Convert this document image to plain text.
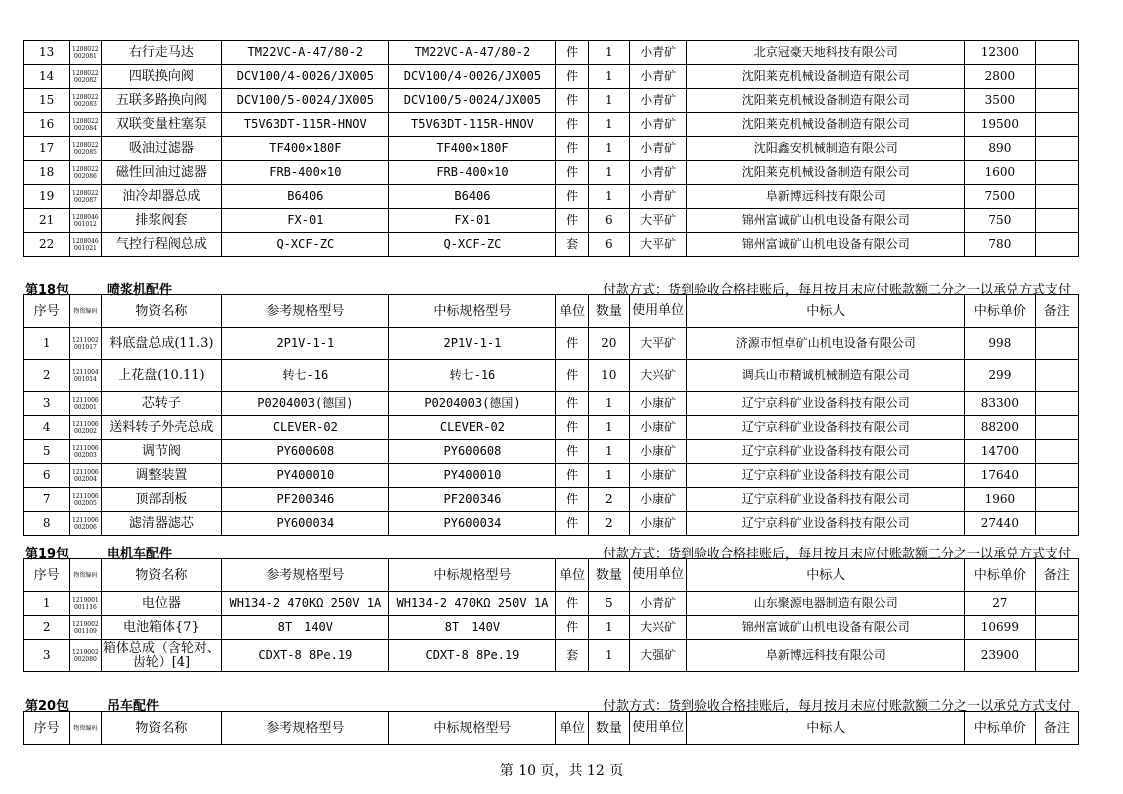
13	1208022002081	右行走马达	TM22VC-A-47/80-2	TM22VC-A-47/80-2	件	1	小青矿	北京冠豪天地科技有限公司	12300	
14	1208022002082	四联换向阀	DCV100/4-0026/JX005	DCV100/4-0026/JX005	件	1	小青矿	沈阳莱克机械设备制造有限公司	2800	
15	1208022002083	五联多路换向阀	DCV100/5-0024/JX005	DCV100/5-0024/JX005	件	1	小青矿	沈阳莱克机械设备制造有限公司	3500	
16	1208022002084	双联变量柱塞泵	T5V63DT-115R-HNOV	T5V63DT-115R-HNOV	件	1	小青矿	沈阳莱克机械设备制造有限公司	19500	
17	1208022002085	吸油过滤器	TF400×180F	TF400×180F	件	1	小青矿	沈阳鑫安机械制造有限公司	890	
18	1208022002086	磁性回油过滤器	FRB-400×10	FRB-400×10	件	1	小青矿	沈阳莱克机械设备制造有限公司	1600	
19	1208022002087	油冷却器总成	B6406	B6406	件	1	小青矿	阜新博远科技有限公司	7500	
21	1208046001012	排浆阀套	FX-01	FX-01	件	6	大平矿	锦州富诚矿山机电设备有限公司	750	
22	1208046001021	气控行程阀总成	Q-XCF-ZC	Q-XCF-ZC	套	6	大平矿	锦州富诚矿山机电设备有限公司	780	
第18包	喷浆机配件	付款方式：货到验收合格挂账后，每月按月末应付账款额二分之一以承兑方式支付
序号	物资编码	物资名称	参考规格型号	中标规格型号	单位	数量	使用单位	中标人	中标单价	备注
1	1211002001017	料底盘总成(11.3)	2P1V-1-1	2P1V-1-1	件	20	大平矿	济源市恒卓矿山机电设备有限公司	998	
2	1211004001014	上花盘(10.11)	转七-16	转七-16	件	10	大兴矿	调兵山市精诚机械制造有限公司	299	
3	1211006002001	芯转子	P0204003(德国)	P0204003(德国)	件	1	小康矿	辽宁京科矿业设备科技有限公司	83300	
4	1211006002002	送料转子外壳总成	CLEVER-02	CLEVER-02	件	1	小康矿	辽宁京科矿业设备科技有限公司	88200	
5	1211006002003	调节阀	PY600608	PY600608	件	1	小康矿	辽宁京科矿业设备科技有限公司	14700	
6	1211006002004	调整装置	PY400010	PY400010	件	1	小康矿	辽宁京科矿业设备科技有限公司	17640	
7	1211006002005	顶部刮板	PF200346	PF200346	件	2	小康矿	辽宁京科矿业设备科技有限公司	1960	
8	1211006002006	滤清器滤芯	PY600034	PY600034	件	2	小康矿	辽宁京科矿业设备科技有限公司	27440	
第19包	电机车配件	付款方式：货到验收合格挂账后，每月按月末应付账款额二分之一以承兑方式支付
序号	物资编码	物资名称	参考规格型号	中标规格型号	单位	数量	使用单位	中标人	中标单价	备注
1	1219001001116	电位器	WH134-2 470KΩ 250V 1A	WH134-2 470KΩ 250V 1A	件	5	小青矿	山东聚源电器制造有限公司	27	
2	1219002001109	电池箱体{7}	8T　140V	8T　140V	件	1	大兴矿	锦州富诚矿山机电设备有限公司	10699	
3	1219002002080	箱体总成（含轮对、齿轮）[4]	CDXT-8 8Pe.19	CDXT-8 8Pe.19	套	1	大强矿	阜新博远科技有限公司	23900	
第20包	吊车配件	付款方式：货到验收合格挂账后，每月按月末应付账款额二分之一以承兑方式支付
序号	物资编码	物资名称	参考规格型号	中标规格型号	单位	数量	使用单位	中标人	中标单价	备注
第 10 页，共 12 页
